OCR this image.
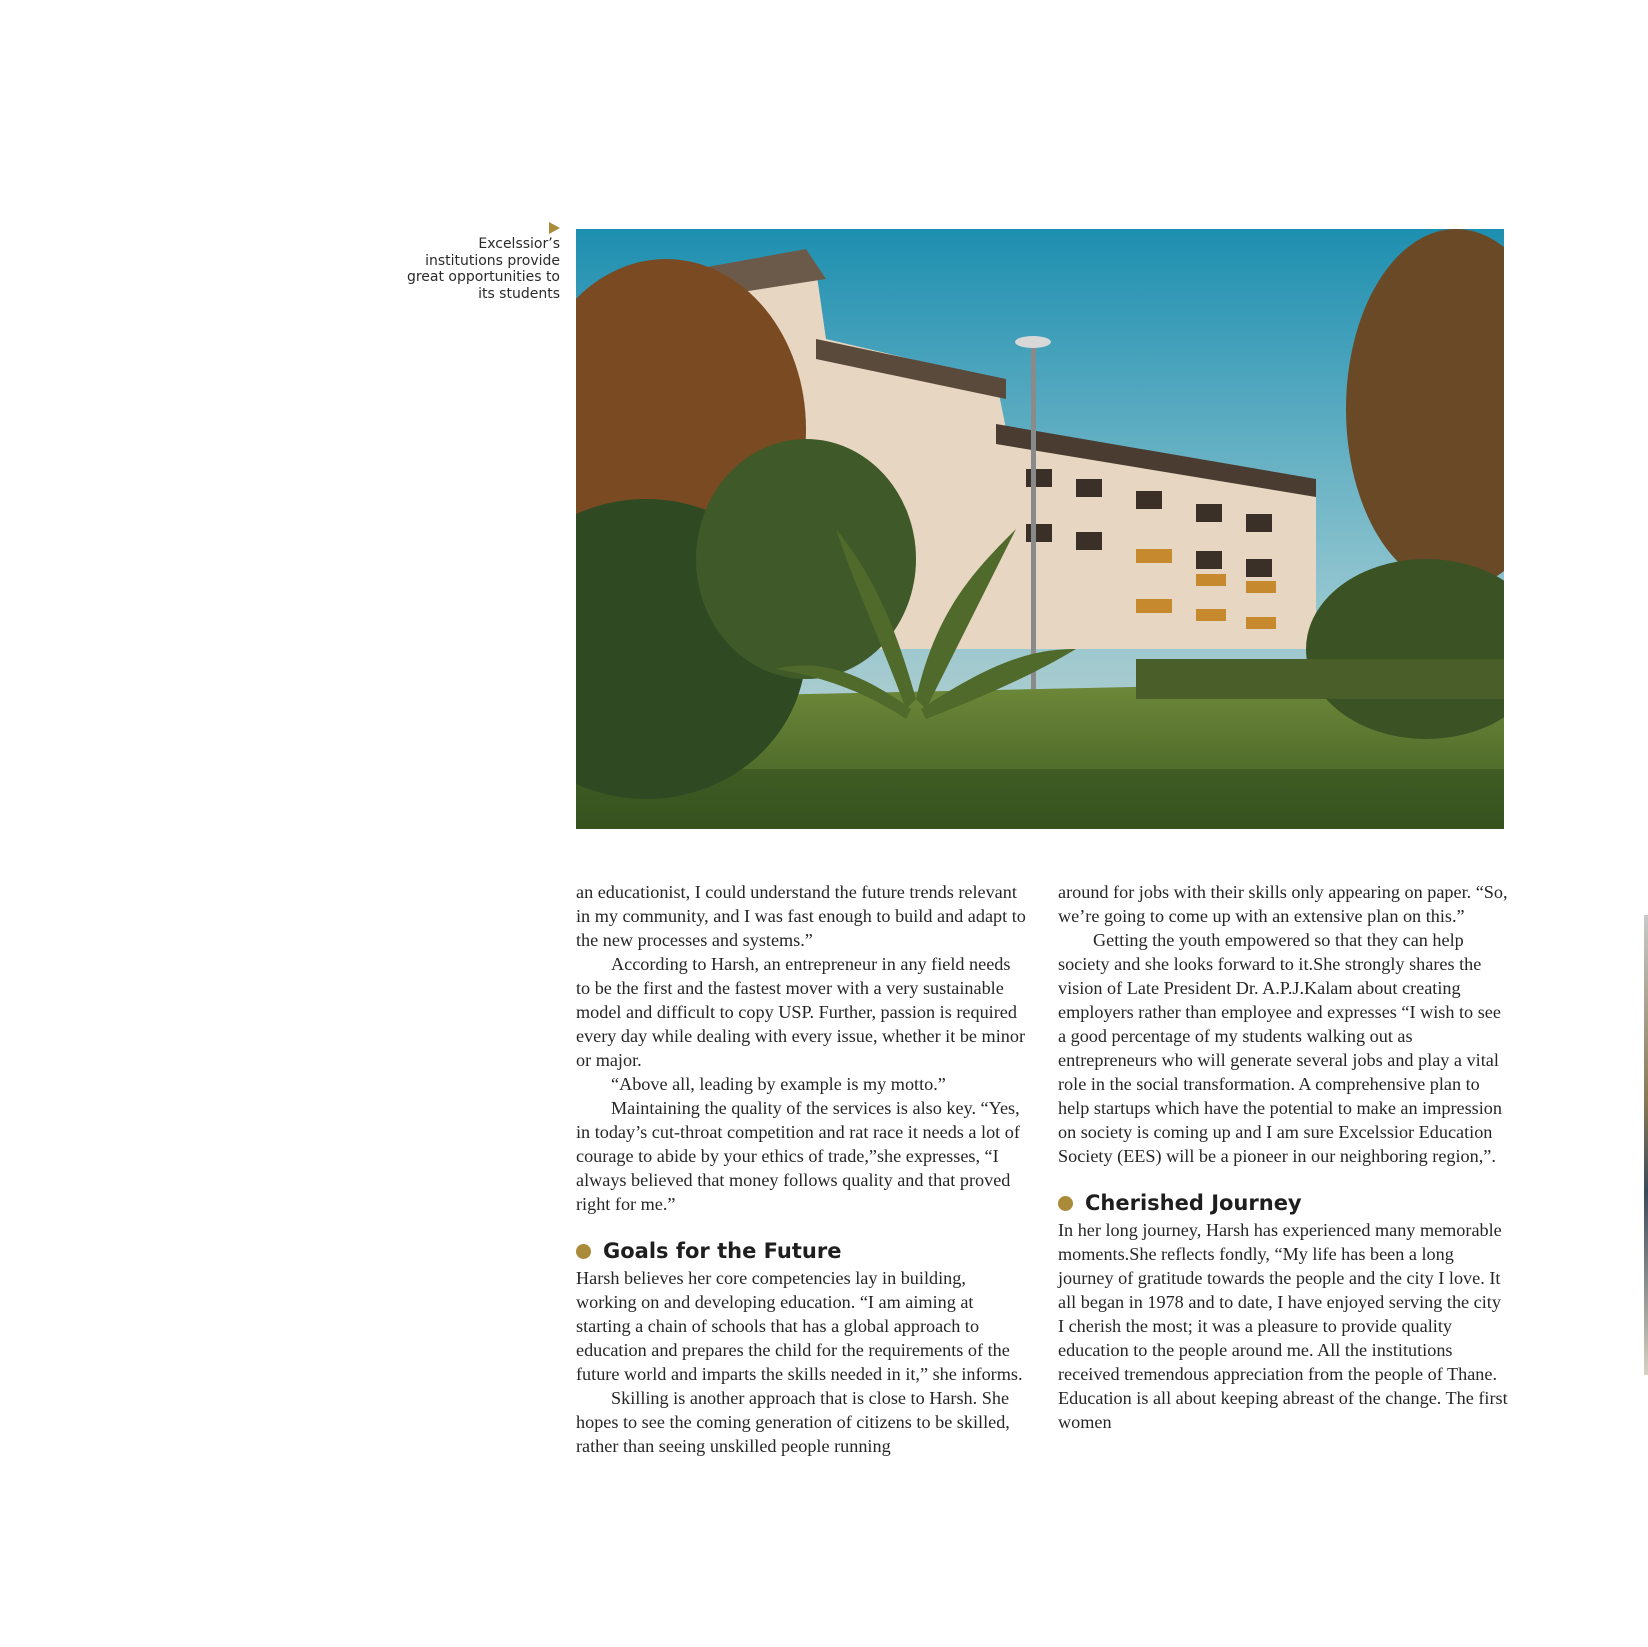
Excelssior’s
institutions provide
great opportunities to
its students

an educationist, I could understand the future trends relevant in my community, and I was fast enough to build and adapt to the new processes and systems.”

According to Harsh, an entrepreneur in any field needs to be the first and the fastest mover with a very sustainable model and difficult to copy USP. Further, passion is required every day while dealing with every issue, whether it be minor or major.

“Above all, leading by example is my motto.”

Maintaining the quality of the services is also key. “Yes, in today’s cut-throat competition and rat race it needs a lot of courage to abide by your ethics of trade,”she expresses, “I always believed that money follows quality and that proved right for me.”

Goals for the Future

Harsh believes her core competencies lay in building, working on and developing education. “I am aiming at starting a chain of schools that has a global approach to education and prepares the child for the requirements of the future world and imparts the skills needed in it,” she informs.

Skilling is another approach that is close to Harsh. She hopes to see the coming generation of citizens to be skilled, rather than seeing unskilled people running

around for jobs with their skills only appearing on paper. “So, we’re going to come up with an extensive plan on this.”

Getting the youth empowered so that they can help society and she looks forward to it.She strongly shares the vision of Late President Dr. A.P.J.Kalam about creating employers rather than employee and expresses “I wish to see a good percentage of my students walking out as entrepreneurs who will generate several jobs and play a vital role in the social transformation. A comprehensive plan to help startups which have the potential to make an impression on society is coming up and I am sure Excelssior Education Society (EES) will be a pioneer in our neighboring region,”.

Cherished Journey

In her long journey, Harsh has experienced many memorable moments.She reflects fondly, “My life has been a long journey of gratitude towards the people and the city I love. It all began in 1978 and to date, I have enjoyed serving the city I cherish the most; it was a pleasure to provide quality education to the people around me. All the institutions received tremendous appreciation from the people of Thane. Education is all about keeping abreast of the change. The first women
